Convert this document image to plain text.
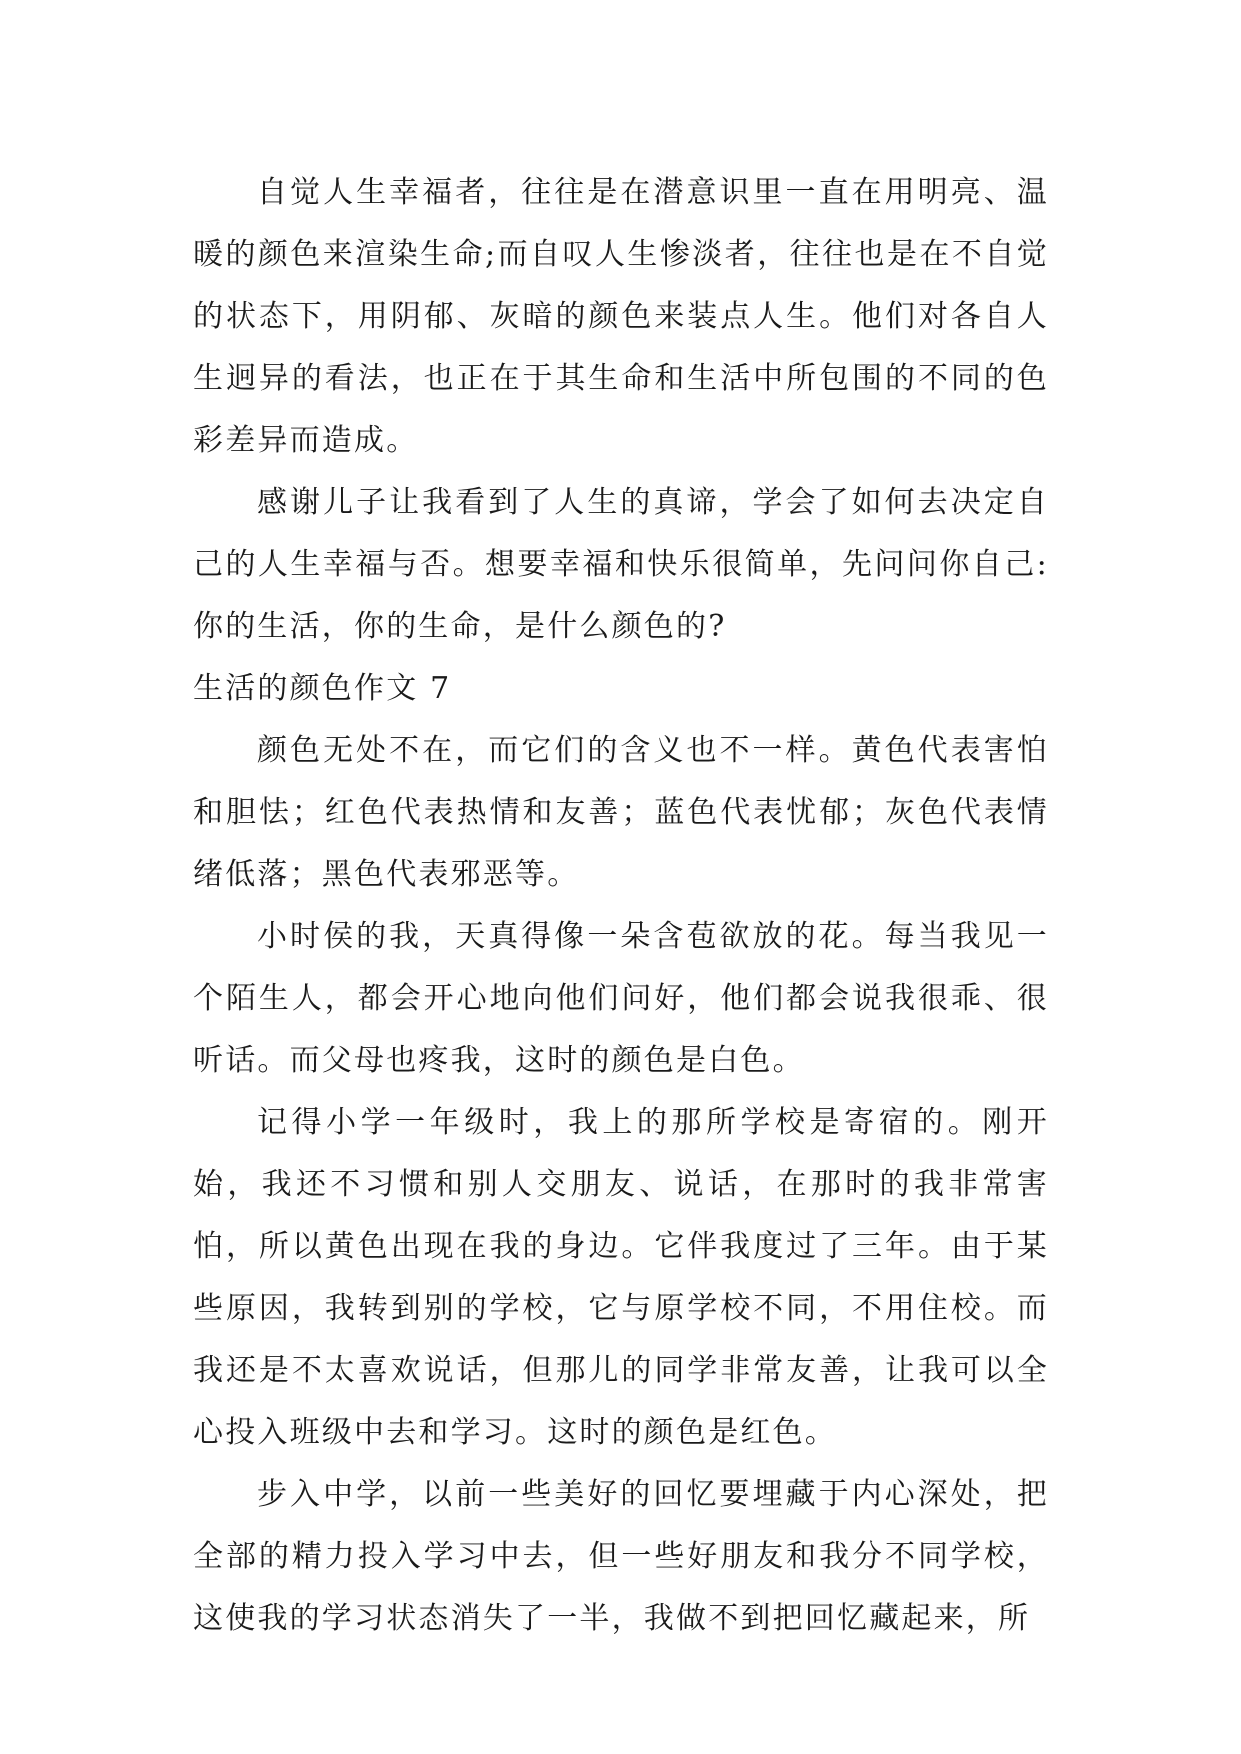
自觉人生幸福者，往往是在潜意识里一直在用明亮、温暖的颜色来渲染生命;而自叹人生惨淡者，往往也是在不自觉的状态下，用阴郁、灰暗的颜色来装点人生。他们对各自人生迥异的看法，也正在于其生命和生活中所包围的不同的色彩差异而造成。

感谢儿子让我看到了人生的真谛，学会了如何去决定自己的人生幸福与否。想要幸福和快乐很简单，先问问你自己:你的生活，你的生命，是什么颜色的?

生活的颜色作文 7

颜色无处不在，而它们的含义也不一样。黄色代表害怕和胆怯；红色代表热情和友善；蓝色代表忧郁；灰色代表情绪低落；黑色代表邪恶等。

小时侯的我，天真得像一朵含苞欲放的花。每当我见一个陌生人，都会开心地向他们问好，他们都会说我很乖、很听话。而父母也疼我，这时的颜色是白色。

记得小学一年级时，我上的那所学校是寄宿的。刚开始，我还不习惯和别人交朋友、说话，在那时的我非常害怕，所以黄色出现在我的身边。它伴我度过了三年。由于某些原因，我转到别的学校，它与原学校不同，不用住校。而我还是不太喜欢说话，但那儿的同学非常友善，让我可以全心投入班级中去和学习。这时的颜色是红色。

步入中学，以前一些美好的回忆要埋藏于内心深处，把全部的精力投入学习中去，但一些好朋友和我分不同学校，这使我的学习状态消失了一半，我做不到把回忆藏起来，所
